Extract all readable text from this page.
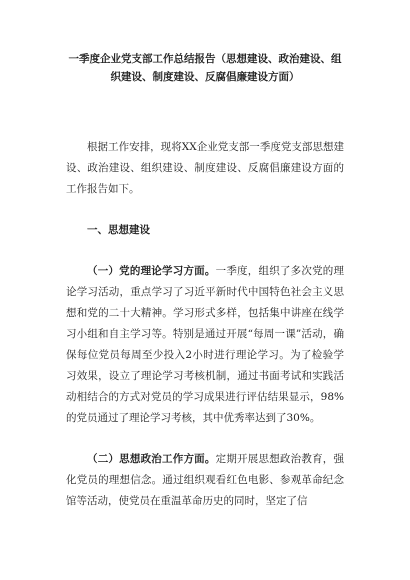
一季度企业党支部工作总结报告（思想建设、政治建设、组织建设、制度建设、反腐倡廉建设方面）

根据工作安排，现将XX企业党支部一季度党支部思想建设、政治建设、组织建设、制度建设、反腐倡廉建设方面的工作报告如下。

一、思想建设

（一）党的理论学习方面。一季度，组织了多次党的理论学习活动，重点学习了习近平新时代中国特色社会主义思想和党的二十大精神。学习形式多样，包括集中讲座在线学习小组和自主学习等。特别是通过开展“每周一课”活动，确保每位党员每周至少投入2小时进行理论学习。为了检验学习效果，设立了理论学习考核机制，通过书面考试和实践活动相结合的方式对党员的学习成果进行评估结果显示，98%的党员通过了理论学习考核，其中优秀率达到了30%。

（二）思想政治工作方面。定期开展思想政治教育，强化党员的理想信念。通过组织观看红色电影、参观革命纪念馆等活动，使党员在重温革命历史的同时，坚定了信
